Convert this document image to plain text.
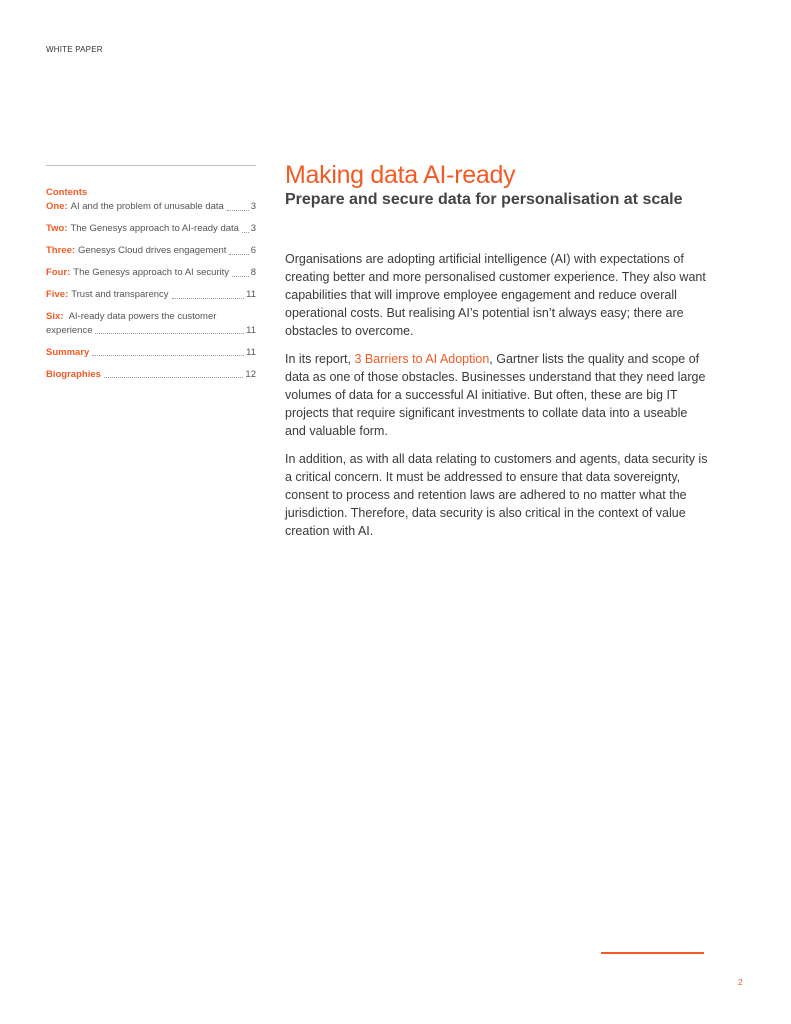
WHITE PAPER
Contents
One: AI and the problem of unusable data	3
Two: The Genesys approach to AI-ready data 3
Three: Genesys Cloud drives engagement	6
Four: The Genesys approach to AI security 8
Five: Trust and transparency	11
Six: AI-ready data powers the customer
experience	11
Summary	11
Biographies	12
Making data AI-ready
Prepare and secure data for personalisation at scale

Organisations are adopting artificial intelligence (AI) with expectations of creating better and more personalised customer experience. They also want capabilities that will improve employee engagement and reduce overall operational costs. But realising AI’s potential isn’t always easy; there are obstacles to overcome.

In its report, 3 Barriers to AI Adoption, Gartner lists the quality and scope of data as one of those obstacles. Businesses understand that they need large volumes of data for a successful AI initiative. But often, these are big IT projects that require significant investments to collate data into a useable and valuable form.

In addition, as with all data relating to customers and agents, data security is a critical concern. It must be addressed to ensure that data sovereignty, consent to process and retention laws are adhered to no matter what the jurisdiction. Therefore, data security is also critical in the context of value creation with AI.

2
